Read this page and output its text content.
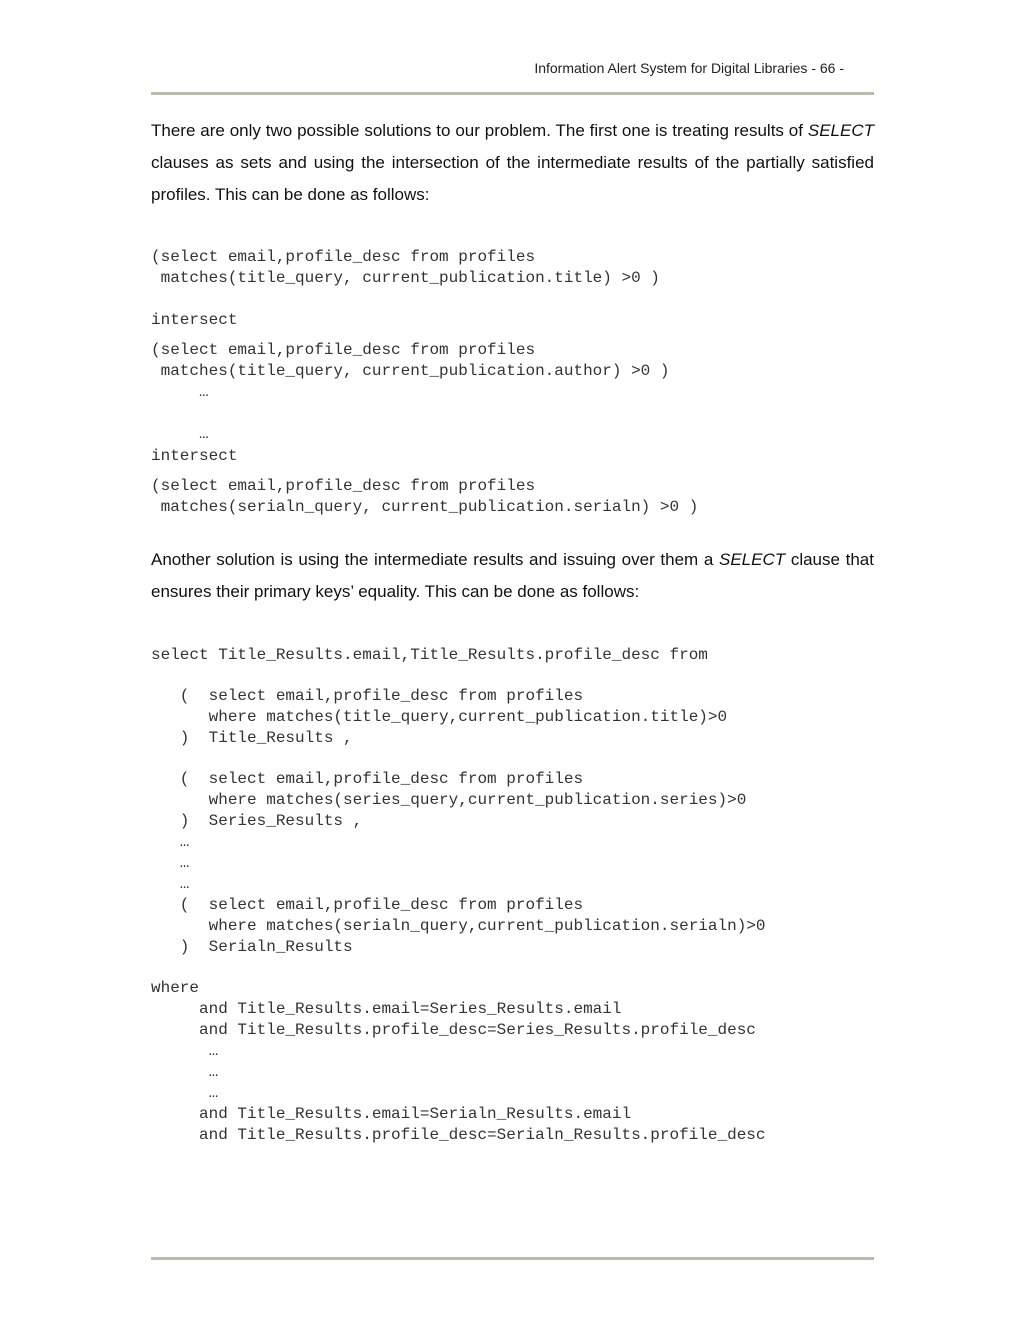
Information Alert System for Digital Libraries - 66 -

There are only two possible solutions to our problem. The first one is treating results of SELECT clauses as sets and using the intersection of the intermediate results of the partially satisfied profiles. This can be done as follows:

(select email,profile_desc from profiles
matches(title_query, current_publication.title) >0 )
intersect
(select email,profile_desc from profiles
matches(title_query, current_publication.author) >0 )
…

…
intersect
(select email,profile_desc from profiles
matches(serialn_query, current_publication.serialn) >0 )

Another solution is using the intermediate results and issuing over them a SELECT clause that ensures their primary keys’ equality. This can be done as follows:

select Title_Results.email,Title_Results.profile_desc from
(  select email,profile_desc from profiles
where matches(title_query,current_publication.title)>0
)  Title_Results ,
(  select email,profile_desc from profiles
where matches(series_query,current_publication.series)>0
)  Series_Results ,
…
…
…
(  select email,profile_desc from profiles
where matches(serialn_query,current_publication.serialn)>0
)  Serialn_Results
where
and Title_Results.email=Series_Results.email
and Title_Results.profile_desc=Series_Results.profile_desc
…
…
…
and Title_Results.email=Serialn_Results.email
and Title_Results.profile_desc=Serialn_Results.profile_desc
